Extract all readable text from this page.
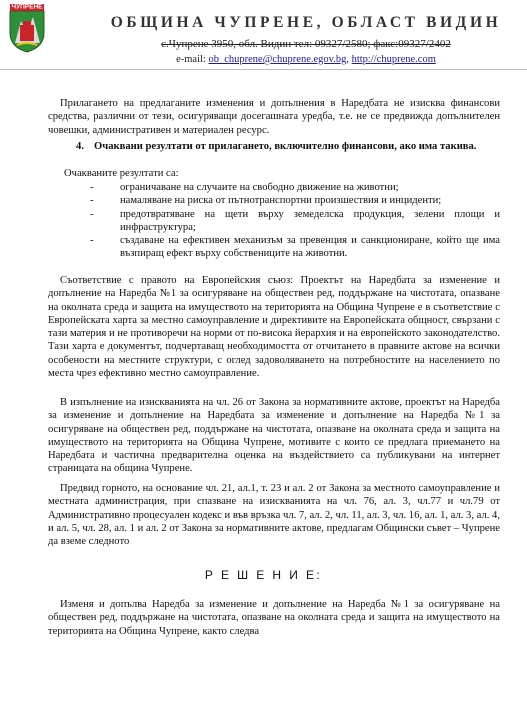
ЧУПРЕНЕ
ОБЩИНА ЧУПРЕНЕ, ОБЛАСТ ВИДИН
с.Чупрене 3950, обл. Видин тел: 09327/2580; факс:09327/2402
e-mail: ob_chuprene@chuprene.egov.bg, http://chuprene.com
Прилагането на предлаганите изменения и допълнения в Наредбата не изисква финансови средства, различни от тези, осигуряващи досегашната уредба, т.е. не се предвижда допълнителен човешки, административен и материален ресурс.
4. Очаквани резултати от прилагането, включително финансови, ако има такива.
Очакваните резултати са:
- ограничаване на случаите на свободно движение на животни;
- намаляване на риска от пътнотранспортни произшествия и инциденти;
- предотвратяване на щети върху земеделска продукция, зелени площи и инфраструктура;
- създаване на ефективен механизъм за превенция и санкциониране, който ще има възпиращ ефект върху собствениците на животни.
Съответствие с правото на Европейския съюз: Проектът на Наредбата за изменение и допълнение на Наредба №1 за осигуряване на обществен ред, поддържане на чистотата, опазване на околната среда и защита на имуществото на територията на Община Чупрене е в съответствие с Европейската харта за местно самоуправление и директивите на Европейската общност, свързани с тази материя и не противоречи на норми от по-висока йерархия и на европейското законодателство. Тази харта е документът, подчертаващ необходимостта от отчитането в правните актове на всички особености на местните структури, с оглед задоволяването на потребностите на населението по места чрез ефективно местно самоуправление.
В изпълнение на изискванията на чл. 26 от Закона за нормативните актове, проектът на Наредба за изменение и допълнение на Наредбата за изменение и допълнение на Наредба №1 за осигуряване на обществен ред, поддържане на чистотата, опазване на околната среда и защита на имуществото на територията на Община Чупрене, мотивите с които се предлага приемането на Наредбата и частична предварителна оценка на въздействието са публикувани на интернет страницата на община Чупрене.
Предвид горното, на основание чл. 21, ал.1, т. 23 и ал. 2 от Закона за местното самоуправление и местната администрация, при спазване на изискванията на чл. 76, ал. 3, чл.77 и чл.79 от Административно процесуален кодекс и във връзка чл. 7, ал. 2, чл. 11, ал. 3, чл. 16, ал. 1, ал. 3, ал. 4, и ал. 5, чл. 28, ал. 1 и ал. 2 от Закона за нормативните актове, предлагам Общински съвет – Чупрене да вземе следното
Р Е Ш Е Н И Е:
Изменя и допълва Наредба за изменение и допълнение на Наредба №1 за осигуряване на обществен ред, поддържане на чистотата, опазване на околната среда и защита на имуществото на територията на Община Чупрене, както следва
